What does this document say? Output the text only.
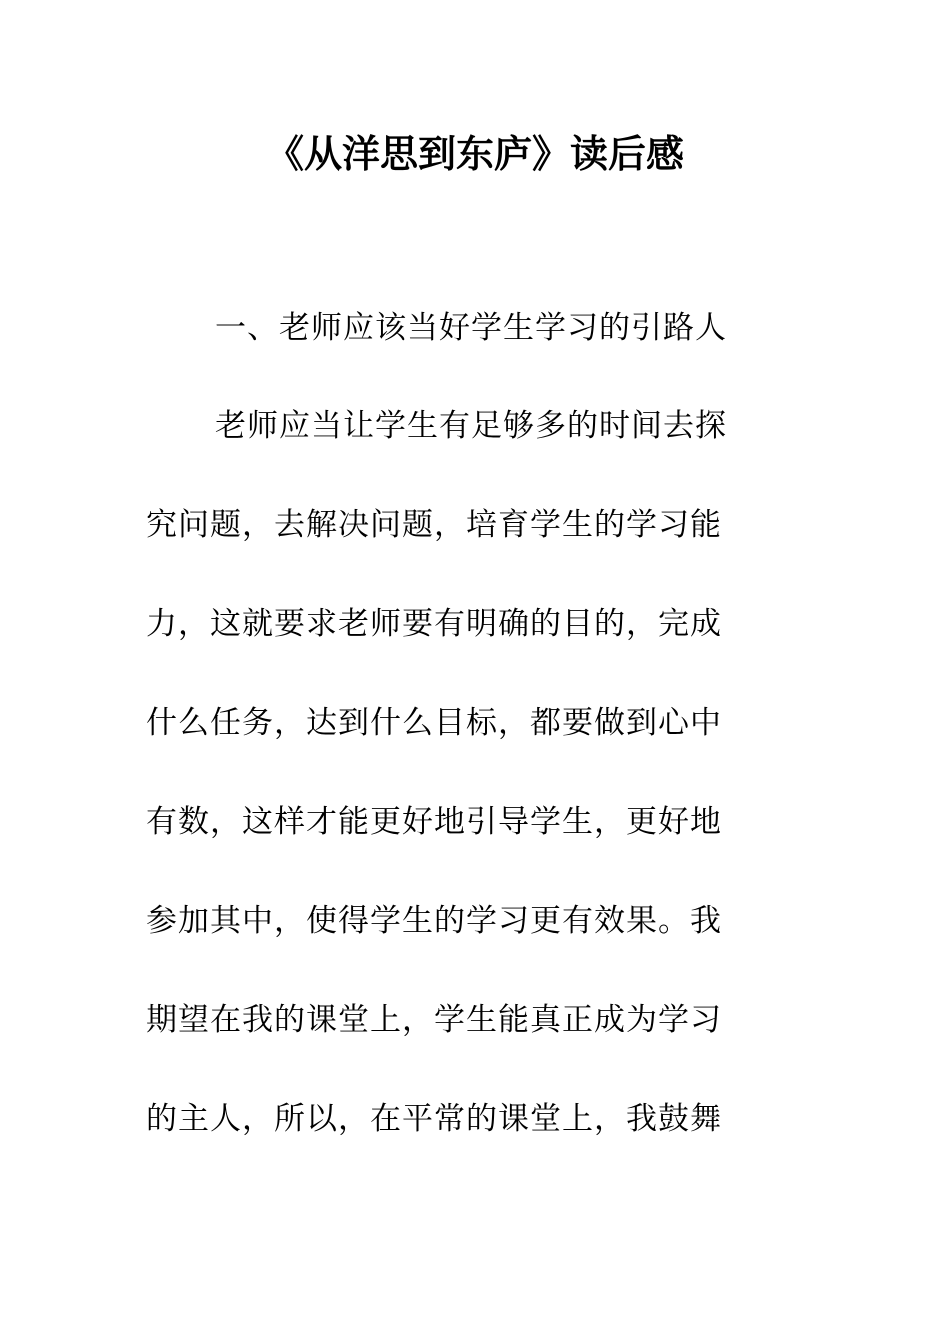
《从洋思到东庐》读后感
一、老师应该当好学生学习的引路人
老师应当让学生有足够多的时间去探
究问题，去解决问题，培育学生的学习能
力，这就要求老师要有明确的目的，完成
什么任务，达到什么目标，都要做到心中
有数，这样才能更好地引导学生，更好地
参加其中，使得学生的学习更有效果。我
期望在我的课堂上，学生能真正成为学习
的主人，所以，在平常的课堂上，我鼓舞
